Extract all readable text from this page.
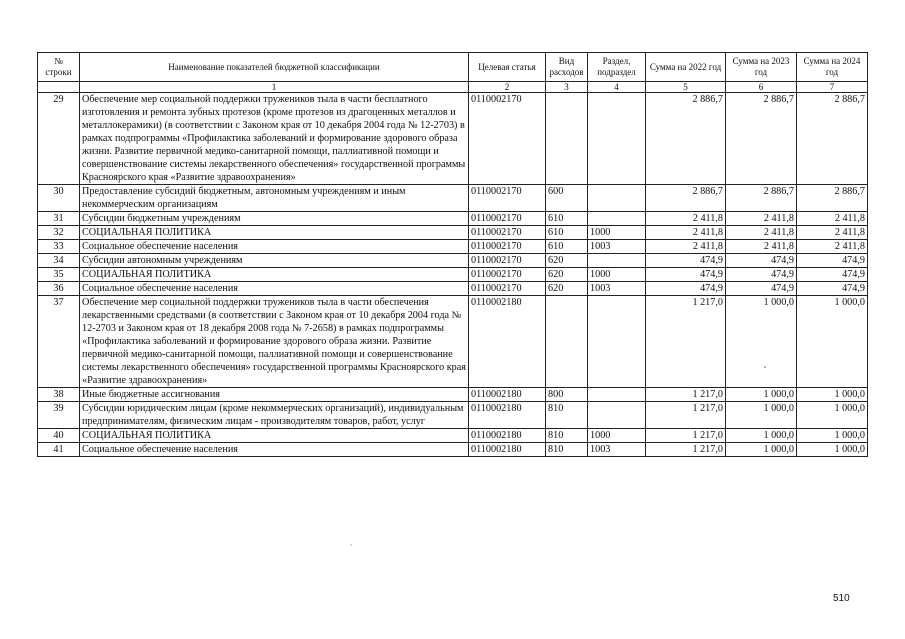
№ строки	Наименование показателей бюджетной классификации	Целевая статья	Вид расходов	Раздел, подраздел	Сумма на 2022 год	Сумма на 2023 год	Сумма на 2024 год
	1	2	3	4	5	6	7
29	Обеспечение мер социальной поддержки тружеников тыла в части бесплатного изготовления и ремонта зубных протезов (кроме протезов из драгоценных металлов и металлокерамики) (в соответствии с Законом края от 10 декабря 2004 года № 12-2703) в рамках подпрограммы «Профилактика заболеваний и формирование здорового образа жизни. Развитие первичной медико-санитарной помощи, паллиативной помощи и совершенствование системы лекарственного обеспечения» государственной программы Красноярского края «Развитие здравоохранения»	0110002170			2 886,7	2 886,7	2 886,7
30	Предоставление субсидий бюджетным, автономным учреждениям и иным некоммерческим организациям	0110002170	600		2 886,7	2 886,7	2 886,7
31	Субсидии бюджетным учреждениям	0110002170	610		2 411,8	2 411,8	2 411,8
32	СОЦИАЛЬНАЯ ПОЛИТИКА	0110002170	610	1000	2 411,8	2 411,8	2 411,8
33	Социальное обеспечение населения	0110002170	610	1003	2 411,8	2 411,8	2 411,8
34	Субсидии автономным учреждениям	0110002170	620		474,9	474,9	474,9
35	СОЦИАЛЬНАЯ ПОЛИТИКА	0110002170	620	1000	474,9	474,9	474,9
36	Социальное обеспечение населения	0110002170	620	1003	474,9	474,9	474,9
37	Обеспечение мер социальной поддержки тружеников тыла в части обеспечения лекарственными средствами (в соответствии с Законом края от 10 декабря 2004 года № 12-2703 и Законом края от 18 декабря 2008 года № 7-2658) в рамках подпрограммы «Профилактика заболеваний и формирование здорового образа жизни. Развитие первичной медико-санитарной помощи, паллиативной помощи и совершенствование системы лекарственного обеспечения» государственной программы Красноярского края «Развитие здравоохранения»	0110002180			1 217,0	1 000,0	1 000,0
38	Иные бюджетные ассигнования	0110002180	800		1 217,0	1 000,0	1 000,0
39	Субсидии юридическим лицам (кроме некоммерческих организаций), индивидуальным предпринимателям, физическим лицам - производителям товаров, работ, услуг	0110002180	810		1 217,0	1 000,0	1 000,0
40	СОЦИАЛЬНАЯ ПОЛИТИКА	0110002180	810	1000	1 217,0	1 000,0	1 000,0
41	Социальное обеспечение населения	0110002180	810	1003	1 217,0	1 000,0	1 000,0
510
